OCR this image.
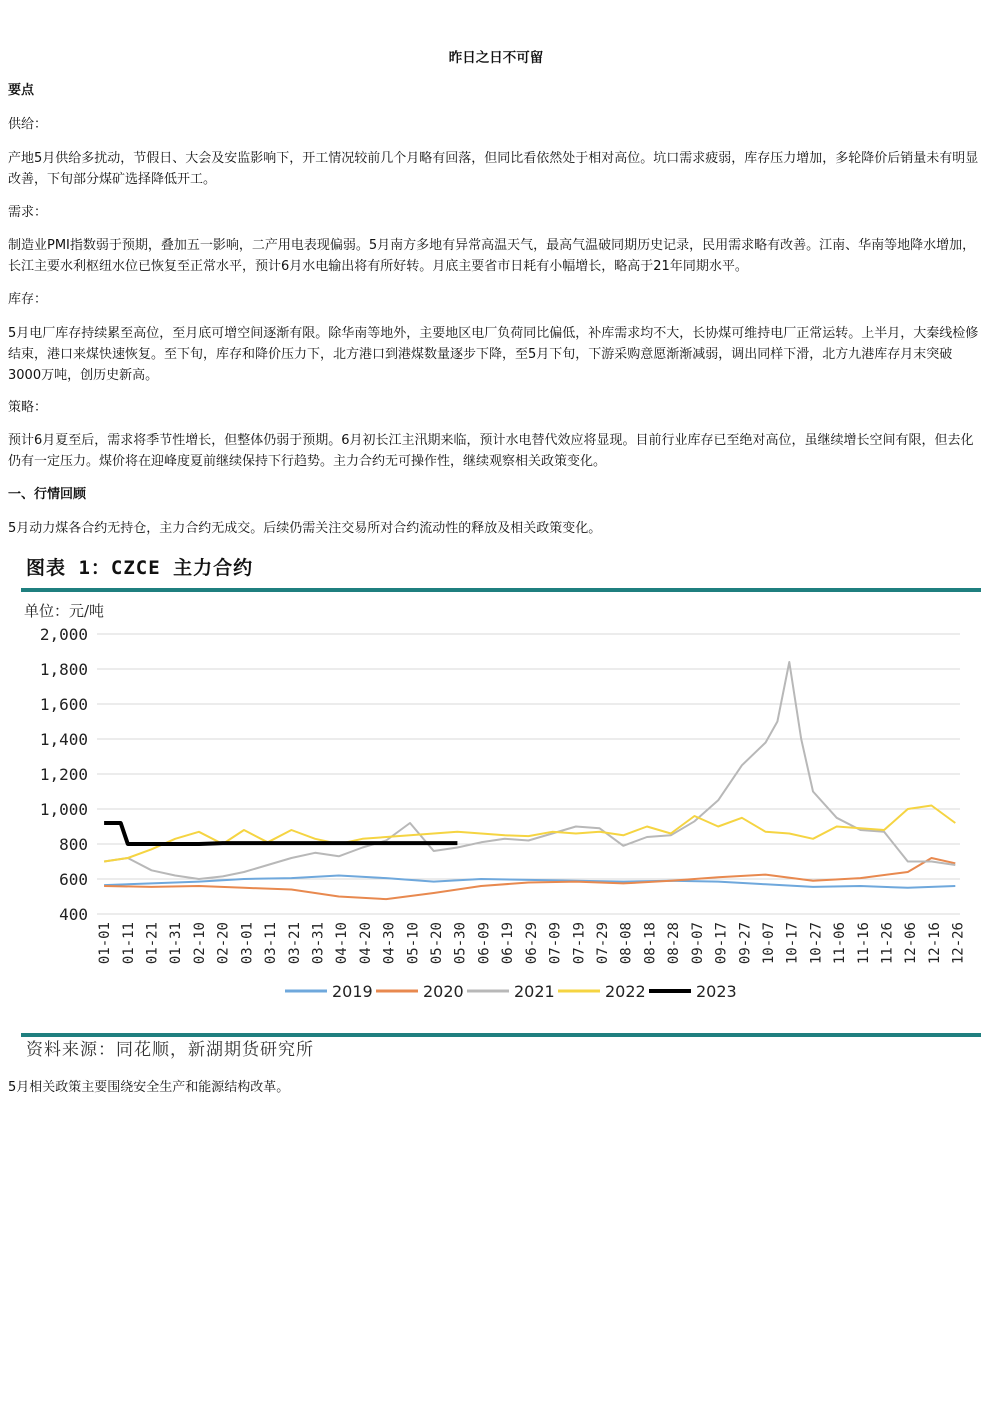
昨日之日不可留

要点

供给：

产地5月供给多扰动，节假日、大会及安监影响下，开工情况较前几个月略有回落，但同比看依然处于相对高位。坑口需求疲弱，库存压力增加，多轮降价后销量未有明显改善，下旬部分煤矿选择降低开工。

需求：

制造业PMI指数弱于预期，叠加五一影响，二产用电表现偏弱。5月南方多地有异常高温天气，最高气温破同期历史记录，民用需求略有改善。江南、华南等地降水增加，长江主要水利枢纽水位已恢复至正常水平，预计6月水电输出将有所好转。月底主要省市日耗有小幅增长，略高于21年同期水平。

库存：

5月电厂库存持续累至高位，至月底可增空间逐渐有限。除华南等地外，主要地区电厂负荷同比偏低，补库需求均不大，长协煤可维持电厂正常运转。上半月，大秦线检修结束，港口来煤快速恢复。至下旬，库存和降价压力下，北方港口到港煤数量逐步下降，至5月下旬，下游采购意愿渐渐减弱，调出同样下滑，北方九港库存月末突破3000万吨，创历史新高。

策略：

预计6月夏至后，需求将季节性增长，但整体仍弱于预期。6月初长江主汛期来临，预计水电替代效应将显现。目前行业库存已至绝对高位，虽继续增长空间有限，但去化仍有一定压力。煤价将在迎峰度夏前继续保持下行趋势。主力合约无可操作性，继续观察相关政策变化。

一、行情回顾

5月动力煤各合约无持仓，主力合约无成交。后续仍需关注交易所对合约流动性的释放及相关政策变化。

图表 1：CZCE 主力合约
单位：元/吨
2,000
1,800
1,600
1,400
1,200
1,000
800
600
400
01-01 01-11 01-21 01-31 02-10 02-20 03-01 03-11 03-21 03-31 04-10 04-20 04-30 05-10 05-20 05-30 06-09 06-19 06-29 07-09 07-19 07-29 08-08 08-18 08-28 09-07 09-17 09-27 10-07 10-17 10-27 11-06 11-16 11-26 12-06 12-16 12-26
2019	2020	2021	2022	2023
资料来源：同花顺，新湖期货研究所

5月相关政策主要围绕安全生产和能源结构改革。
